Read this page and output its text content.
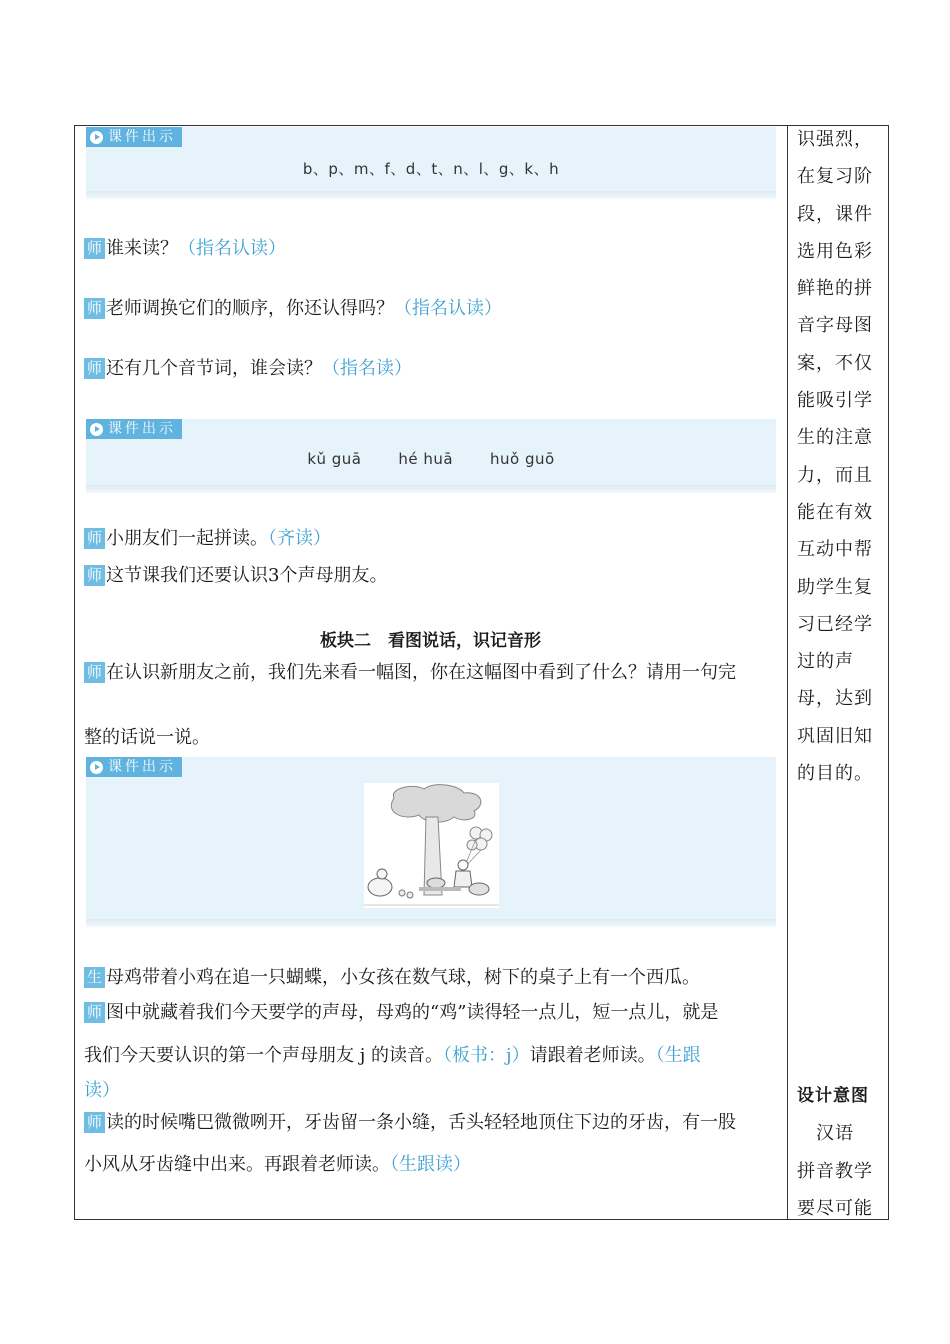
课件出示
b、p、m、f、d、t、n、l、g、k、h
师 谁来读？（指名认读）
师 老师调换它们的顺序，你还认得吗？（指名认读）
师 还有几个音节词，谁会读？（指名读）
课件出示
kǔ guā hé huā huǒ guō
师 小朋友们一起拼读。（齐读）
师 这节课我们还要认识3个声母朋友。
板块二　看图说话，识记音形
师 在认识新朋友之前，我们先来看一幅图，你在这幅图中看到了什么？请用一句完
整的话说一说。
课件出示
生 母鸡带着小鸡在追一只蝴蝶，小女孩在数气球，树下的桌子上有一个西瓜。
师 图中就藏着我们今天要学的声母，母鸡的“鸡”读得轻一点儿，短一点儿，就是
我们今天要认识的第一个声母朋友 j 的读音。（板书：j）请跟着老师读。（生跟
读）
师 读的时候嘴巴微微咧开，牙齿留一条小缝，舌头轻轻地顶住下边的牙齿，有一股
小风从牙齿缝中出来。再跟着老师读。（生跟读）

识强烈，

在复习阶

段，课件

选用色彩

鲜艳的拼

音字母图

案，不仅

能吸引学

生的注意

力，而且

能在有效

互动中帮

助学生复

习已经学

过的声

母，达到

巩固旧知

的目的。

设计意图

　汉语

拼音教学

要尽可能
